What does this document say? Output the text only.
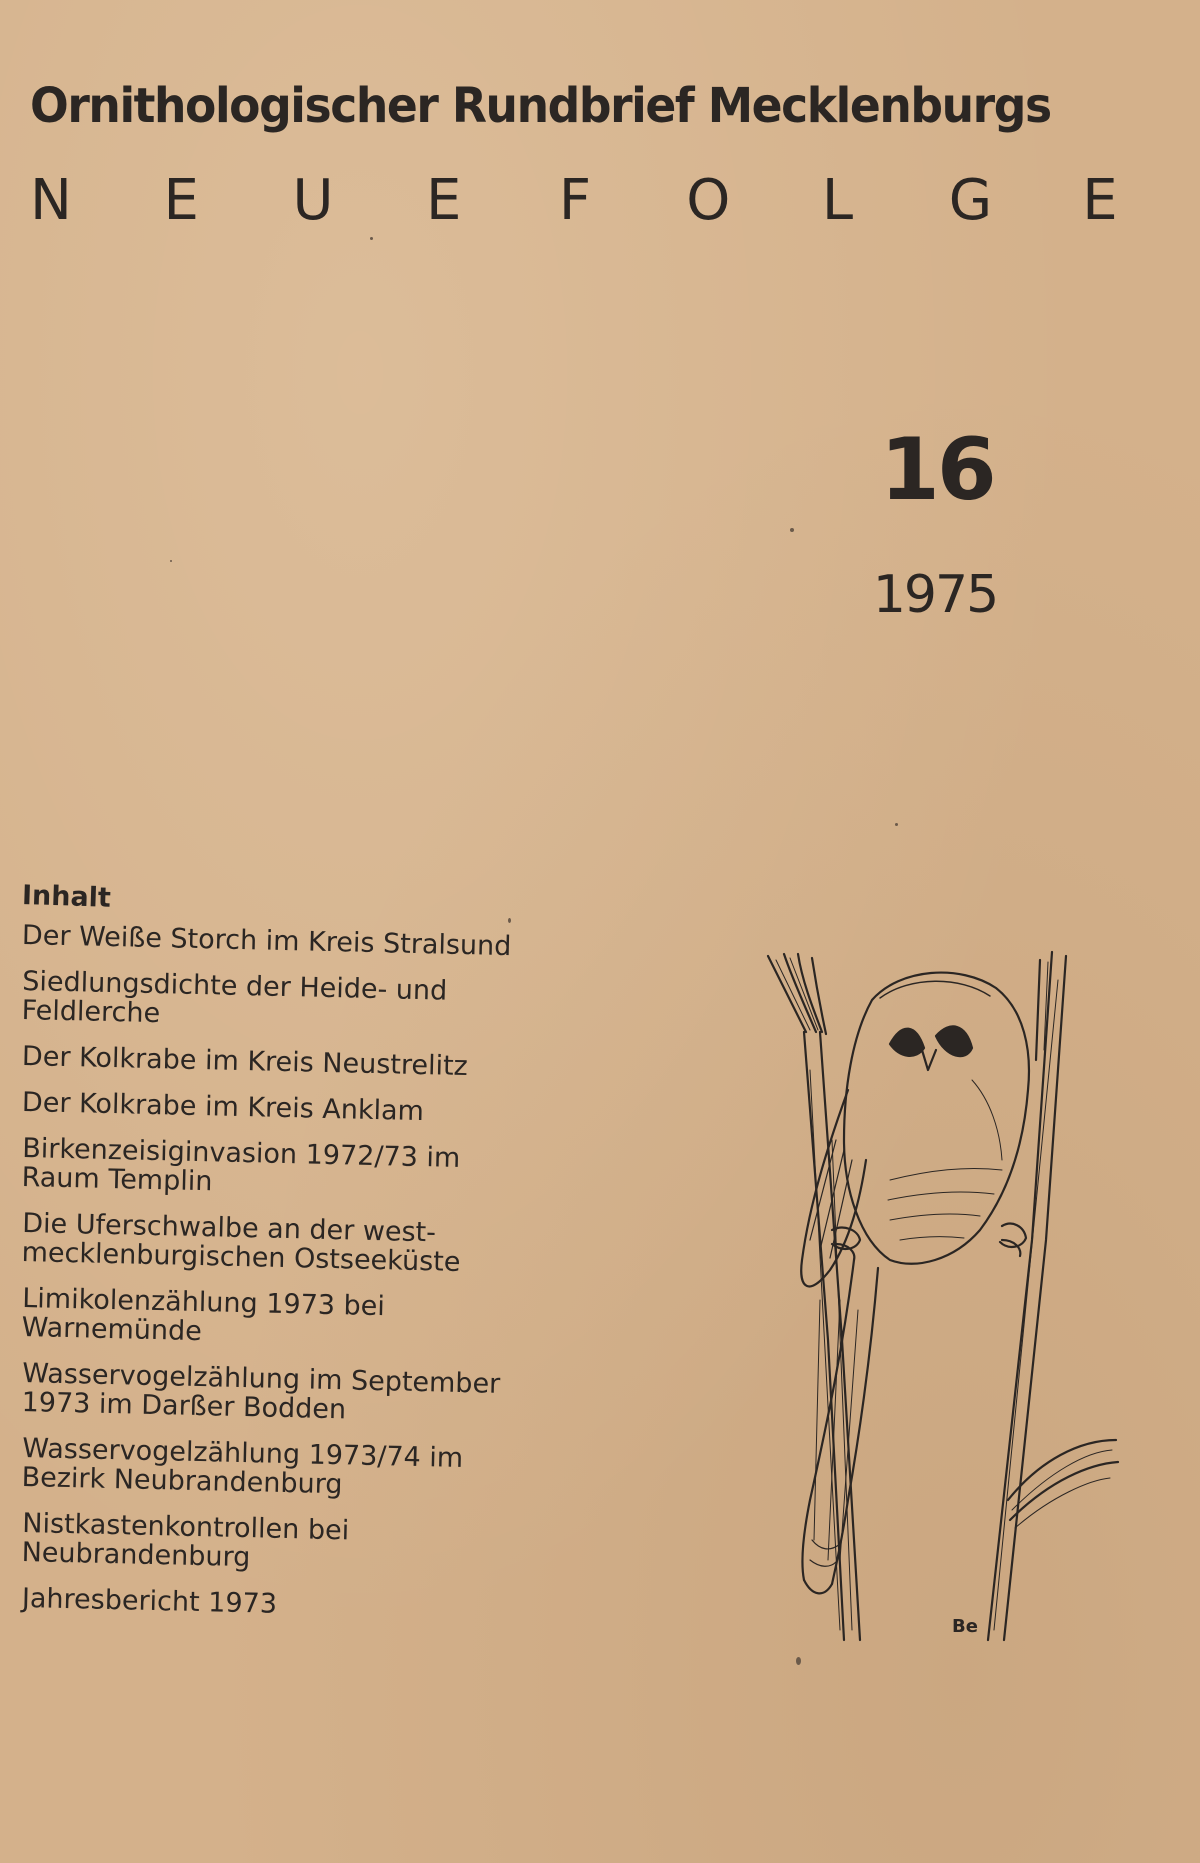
Ornithologischer Rundbrief Mecklenburgs
N E U E F O L G E
16
1975
Inhalt
Der Weiße Storch im Kreis Stralsund
Siedlungsdichte der Heide- und Feldlerche
Der Kolkrabe im Kreis Neustrelitz
Der Kolkrabe im Kreis Anklam
Birkenzeisiginvasion 1972/73 im Raum Templin
Die Uferschwalbe an der west-mecklenburgischen Ostseeküste
Limikolenzählung 1973 bei Warnemünde
Wasservogelzählung im September 1973 im Darßer Bodden
Wasservogelzählung 1973/74 im Bezirk Neubrandenburg
Nistkastenkontrollen bei Neubrandenburg
Jahresbericht 1973
Be
